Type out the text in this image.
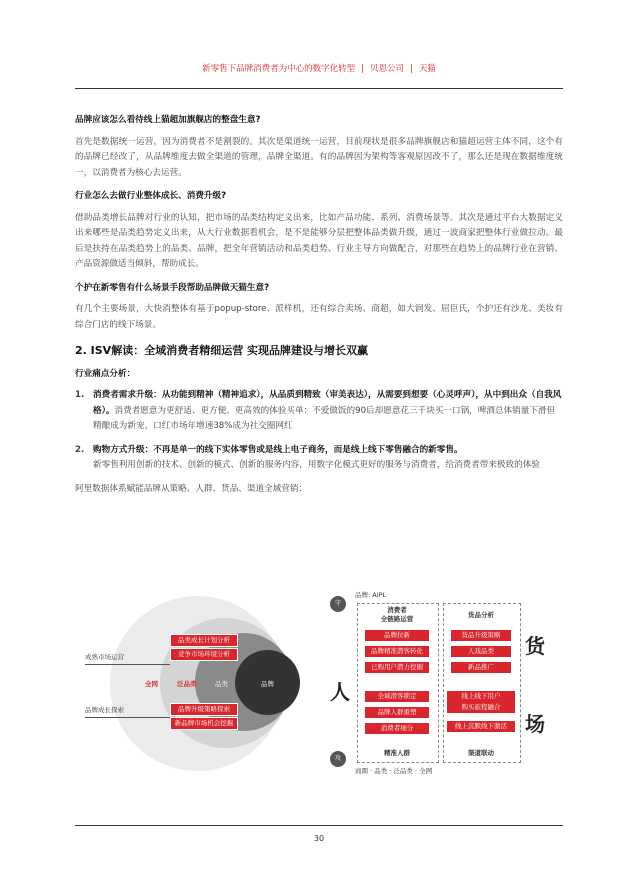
新零售下品牌消费者为中心的数字化转型 | 贝恩公司 | 天猫
品牌应该怎么看待线上猫超加旗舰店的整盘生意?
首先是数据统一运营，因为消费者不是割裂的。其次是渠道统一运营，目前现状是很多品牌旗舰店和猫超运营主体不同，这个有的品牌已经改了，从品牌维度去做全渠道的管理，品牌全渠道。有的品牌因为架构等客观原因改不了，那么还是现在数据维度统一，以消费者为核心去运营。
行业怎么去做行业整体成长、消费升级?
借助品类增长品牌对行业的认知，把市场的品类结构定义出来，比如产品功能、系列、消费场景等。其次是通过平台大数据定义出来哪些是品类趋势定义出来，从大行业数据看机会，是不是能够分层把整体品类做升级，通过一波商家把整体行业做拉动。最后是扶持在品类趋势上的品类、品牌，把全年营销活动和品类趋势、行业主导方向做配合，对那些在趋势上的品牌行业在营销、产品资源做适当倾斜，帮助成长。
个护在新零售有什么场景手段帮助品牌做天猫生意?
有几个主要场景，大快消整体有基于popup-store、派样机，还有综合卖场、商超，如大润发、屈臣氏，个护还有沙龙、美妆有综合门店的线下场景。
2. ISV解读：全域消费者精细运营 实现品牌建设与增长双赢
行业痛点分析：
1. 消费者需求升级：从功能到精神（精神追求），从品质到精致（审美表达），从需要到想要（心灵呼声），从中到出众（自我风格）。消费者愿意为更舒适、更方便、更高效的体验买单：不爱做饭的90后却愿意花三千块买一口锅，啤酒总体销量下滑但精酿成为新宠，口红市场年增速38%成为社交圈网红
2. 购物方式升级：不再是单一的线下实体零售或是线上电子商务，而是线上线下零售融合的新零售。
新零售利用创新的技术、创新的模式、创新的服务内容，用数字化模式更好的服务与消费者，给消费者带来极致的体验
阿里数据体系赋能品牌从策略、人群、货品、渠道全域营销：
全网	泛品类	品类	品牌
成熟市场运营
品牌成长探索
品类成长计划分析
竞争市场环境分析
品牌升级策略探索
新品牌市场机会挖掘
守
品牌: AIPL
人
货
场
消费者
全链路运营
品牌拉新
品牌精准潜客转化
已购用户潜力挖掘
全域潜客锁定
品牌人群重塑
消费者细分
精准人群
货品分析
货品升级策略
人戏品类
新品推广
线上线下用户
购买旅程融合
线上沉默线下激活
渠道联动
攻
商圈 · 品类 · 泛品类 · 全网
30
